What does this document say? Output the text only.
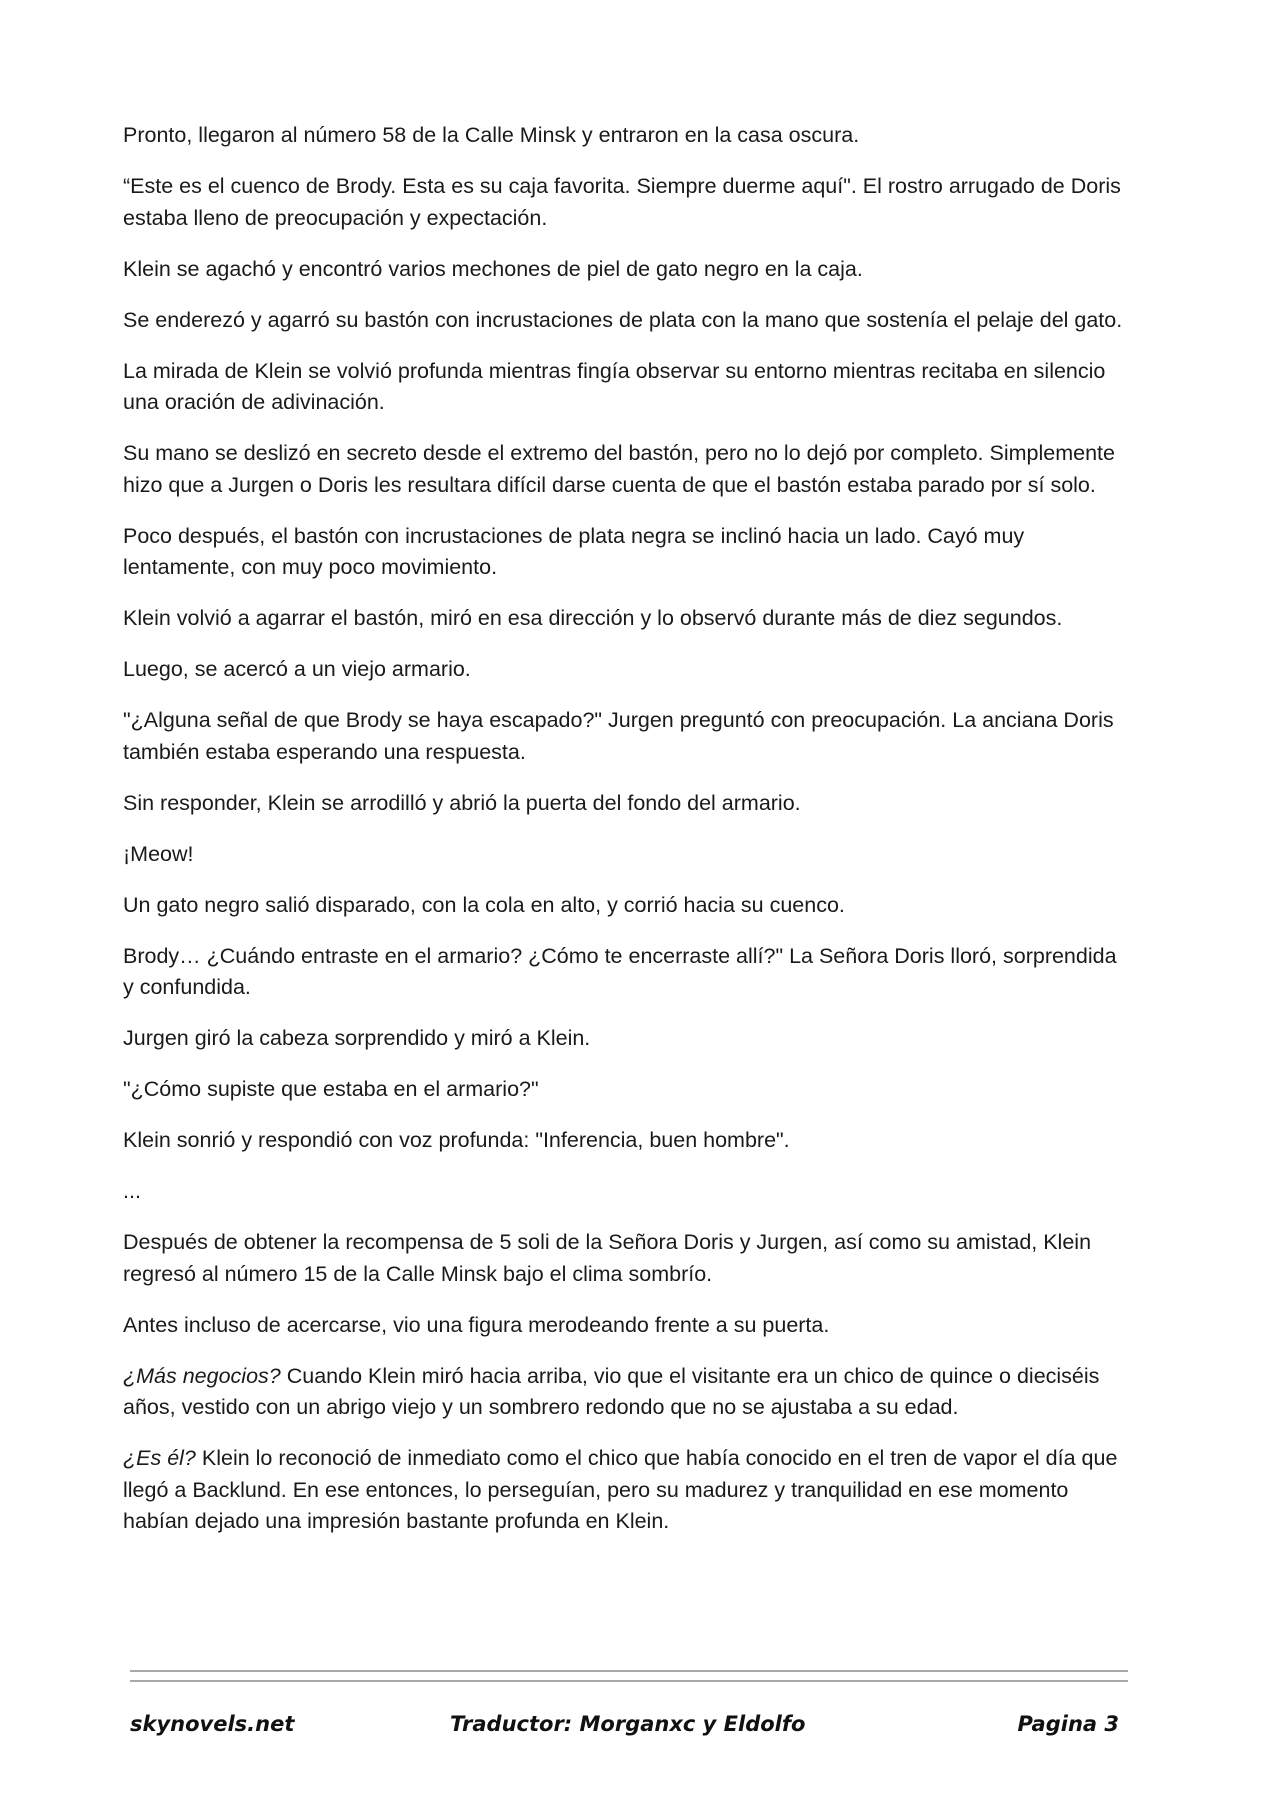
Pronto, llegaron al número 58 de la Calle Minsk y entraron en la casa oscura.

“Este es el cuenco de Brody. Esta es su caja favorita. Siempre duerme aquí". El rostro arrugado de Doris estaba lleno de preocupación y expectación.

Klein se agachó y encontró varios mechones de piel de gato negro en la caja.

Se enderezó y agarró su bastón con incrustaciones de plata con la mano que sostenía el pelaje del gato.

La mirada de Klein se volvió profunda mientras fingía observar su entorno mientras recitaba en silencio una oración de adivinación.

Su mano se deslizó en secreto desde el extremo del bastón, pero no lo dejó por completo. Simplemente hizo que a Jurgen o Doris les resultara difícil darse cuenta de que el bastón estaba parado por sí solo.

Poco después, el bastón con incrustaciones de plata negra se inclinó hacia un lado. Cayó muy lentamente, con muy poco movimiento.

Klein volvió a agarrar el bastón, miró en esa dirección y lo observó durante más de diez segundos.

Luego, se acercó a un viejo armario.

"¿Alguna señal de que Brody se haya escapado?" Jurgen preguntó con preocupación. La anciana Doris también estaba esperando una respuesta.

Sin responder, Klein se arrodilló y abrió la puerta del fondo del armario.

¡Meow!

Un gato negro salió disparado, con la cola en alto, y corrió hacia su cuenco.

Brody… ¿Cuándo entraste en el armario? ¿Cómo te encerraste allí?" La Señora Doris lloró, sorprendida y confundida.

Jurgen giró la cabeza sorprendido y miró a Klein.

"¿Cómo supiste que estaba en el armario?"

Klein sonrió y respondió con voz profunda: "Inferencia, buen hombre".

...

Después de obtener la recompensa de 5 soli de la Señora Doris y Jurgen, así como su amistad, Klein regresó al número 15 de la Calle Minsk bajo el clima sombrío.

Antes incluso de acercarse, vio una figura merodeando frente a su puerta.

¿Más negocios? Cuando Klein miró hacia arriba, vio que el visitante era un chico de quince o dieciséis años, vestido con un abrigo viejo y un sombrero redondo que no se ajustaba a su edad.

¿Es él? Klein lo reconoció de inmediato como el chico que había conocido en el tren de vapor el día que llegó a Backlund. En ese entonces, lo perseguían, pero su madurez y tranquilidad en ese momento habían dejado una impresión bastante profunda en Klein.

skynovels.net	Traductor: Morganxc y Eldolfo	Pagina 3
